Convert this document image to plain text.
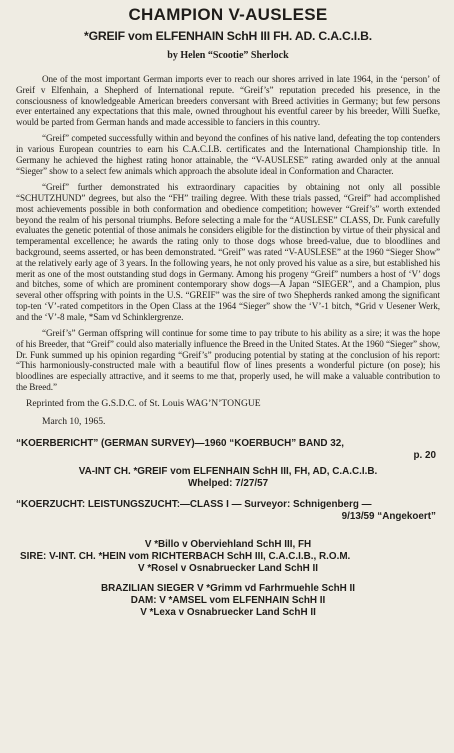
CHAMPION V-AUSLESE
*GREIF vom ELFENHAIN SchH III FH. AD. C.A.C.I.B.
by Helen “Scootie” Sherlock

One of the most important German imports ever to reach our shores arrived in late 1964, in the ‘person’ of Greif v Elfenhain, a Shepherd of International repute. “Greif’s” reputation preceded his presence, in the consciousness of knowledgeable American breeders conversant with Breed activities in Germany; but few persons ever entertained any expectations that this male, owned throughout his eventful career by his breeder, Willi Suefke, would be parted from German hands and made accessible to fanciers in this country.

“Greif” competed successfully within and beyond the confines of his native land, defeating the top contenders in various European countries to earn his C.A.C.I.B. certificates and the International Championship title. In Germany he achieved the highest rating honor attainable, the “V-AUSLESE” rating awarded only at the annual “Sieger” show to a select few animals which approach the absolute ideal in Conformation and Character.

“Greif” further demonstrated his extraordinary capacities by obtaining not only all possible “SCHUTZHUND” degrees, but also the “FH” trailing degree. With these trials passed, “Greif” had accomplished most achievements possible in both conformation and obedience competition; however “Greif’s” worth extended beyond the realm of his personal triumphs. Before selecting a male for the “AUSLESE” CLASS, Dr. Funk carefully evaluates the genetic potential of those animals he considers eligible for the distinction by virtue of their physical and temperamental excellence; he awards the rating only to those dogs whose breed-value, due to bloodlines and background, seems asserted, or has been demonstrated. “Greif” was rated “V-AUSLESE” at the 1960 “Sieger Show” at the relatively early age of 3 years. In the following years, he not only proved his value as a sire, but established his merit as one of the most outstanding stud dogs in Germany. Among his progeny “Greif” numbers a host of ‘V’ dogs and bitches, some of which are prominent contemporary show dogs—A Japan “SIEGER”, and a Champion, plus several other offspring with points in the U.S. “GREIF” was the sire of two Shepherds ranked among the significant top-ten ‘V’-rated competitors in the Open Class at the 1964 “Sieger” show the ‘V’-1 bitch, *Grid v Uesener Werk, and the ‘V’-8 male, *Sam vd Schinklergrenze.

“Greif’s” German offspring will continue for some time to pay tribute to his ability as a sire; it was the hope of his Breeder, that “Greif” could also materially influence the Breed in the United States. At the 1960 “Sieger” show, Dr. Funk summed up his opinion regarding “Greif’s” producing potential by stating at the conclusion of his report: “This harmoniously-constructed male with a beautiful flow of lines presents a wonderful picture (on pose); his bloodlines are especially attractive, and it seems to me that, properly used, he will make a valuable contribution to the Breed.”

Reprinted from the G.S.D.C. of St. Louis WAG’N’TONGUE
March 10, 1965.
“KOERBERICHT” (GERMAN SURVEY)—1960 “KOERBUCH” BAND 32,
p. 20
VA-INT CH. *GREIF vom ELFENHAIN SchH III, FH, AD, C.A.C.I.B.
Whelped: 7/27/57
“KOERZUCHT: LEISTUNGSZUCHT:—CLASS I — Surveyor: Schnigenberg —
9/13/59 “Angekoert”
V *Billo v Oberviehland SchH III, FH
SIRE: V-INT. CH. *HEIN vom RICHTERBACH SchH III, C.A.C.I.B., R.O.M.
V *Rosel v Osnabruecker Land SchH II
BRAZILIAN SIEGER V *Grimm vd Farhrmuehle SchH II
DAM: V *AMSEL vom ELFENHAIN SchH II
V *Lexa v Osnabruecker Land SchH II
